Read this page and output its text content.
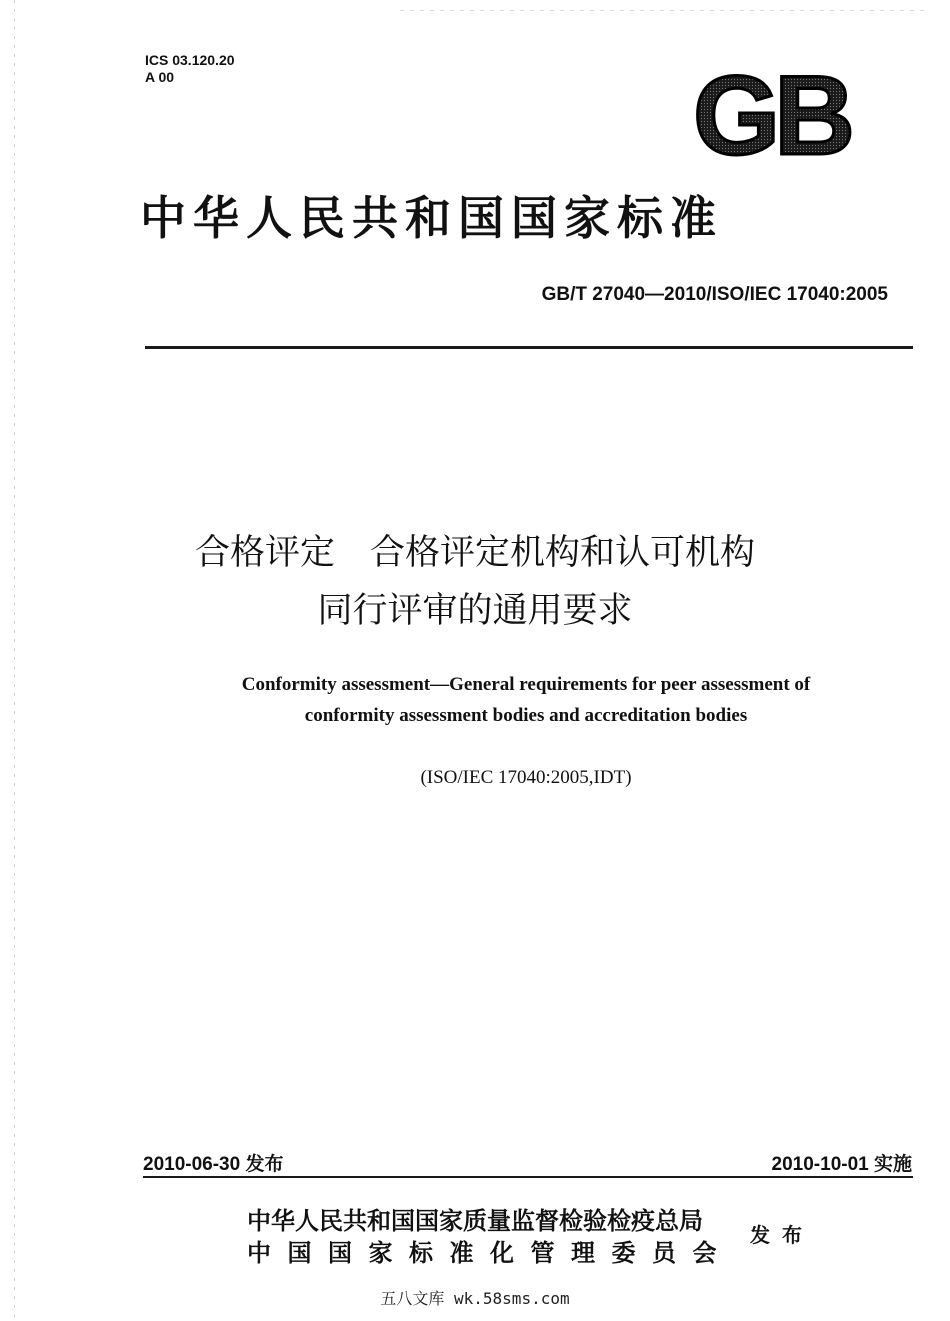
ICS 03.120.20
A 00	GB
中华人民共和国国家标准
GB/T 27040—2010/ISO/IEC 17040:2005
合格评定　合格评定机构和认可机构
同行评审的通用要求
Conformity assessment—General requirements for peer assessment of
conformity assessment bodies and accreditation bodies
(ISO/IEC 17040:2005,IDT)
2010-06-30 发布	2010-10-01 实施
中华人民共和国国家质量监督检验检疫总局
中国国家标准化管理委员会
发布
五八文库 wk.58sms.com
